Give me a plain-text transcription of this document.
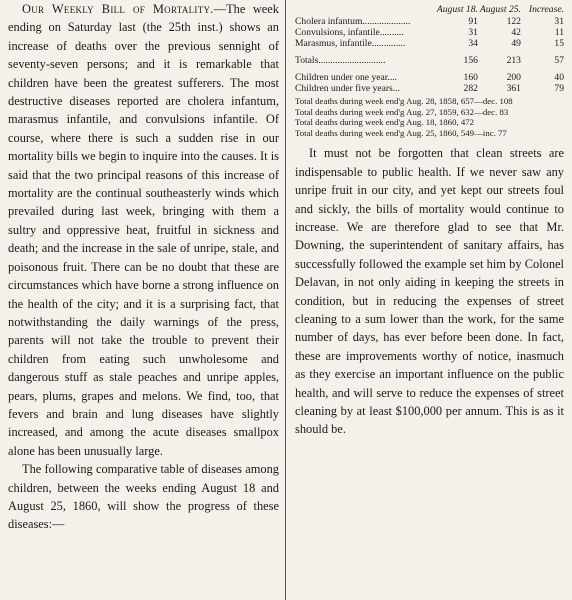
Our Weekly Bill of Mortality.—The week ending on Saturday last (the 25th inst.) shows an increase of deaths over the previous sennight of seventy-seven persons; and it is remarkable that children have been the greatest sufferers. The most destructive diseases reported are cholera infantum, marasmus infantile, and convulsions infantile. Of course, where there is such a sudden rise in our mortality bills we begin to inquire into the causes. It is said that the two principal reasons of this increase of mortality are the continual southeasterly winds which prevailed during last week, bringing with them a sultry and oppressive heat, fruitful in sickness and death; and the increase in the sale of unripe, stale, and poisonous fruit. There can be no doubt that these are circumstances which have borne a strong influence on the health of the city; and it is a surprising fact, that notwithstanding the daily warnings of the press, parents will not take the trouble to prevent their children from eating such unwholesome and dangerous stuff as stale peaches and unripe apples, pears, plums, grapes and melons. We find, too, that fevers and brain and lung diseases have slightly increased, and among the acute diseases smallpox alone has been unusually large.

The following comparative table of diseases among children, between the weeks ending August 18 and August 25, 1860, will show the progress of these diseases:—

	August 18.	August 25.	Increase.
Cholera infantum....................	91	122	31
Convulsions, infantile..........	31	42	11
Marasmus, infantile..............	34	49	15

Totals............................	156	213	57

Children under one year....	160	200	40
Children under five years...	282	361	79
Total deaths during week end'g Aug. 28, 1858, 657—dec. 108
Total deaths during week end'g Aug. 27, 1859, 632—dec. 83
Total deaths during week end'g Aug. 18, 1860, 472
Total deaths during week end'g Aug. 25, 1860, 549—inc. 77

It must not be forgotten that clean streets are indispensable to public health. If we never saw any unripe fruit in our city, and yet kept our streets foul and sickly, the bills of mortality would continue to increase. We are therefore glad to see that Mr. Downing, the superintendent of sanitary affairs, has successfully followed the example set him by Colonel Delavan, in not only aiding in keeping the streets in condition, but in reducing the expenses of street cleaning to a sum lower than the work, for the same number of days, has ever before been done. In fact, these are improvements worthy of notice, inasmuch as they exercise an important influence on the public health, and will serve to reduce the expenses of street cleaning by at least $100,000 per annum. This is as it should be.
